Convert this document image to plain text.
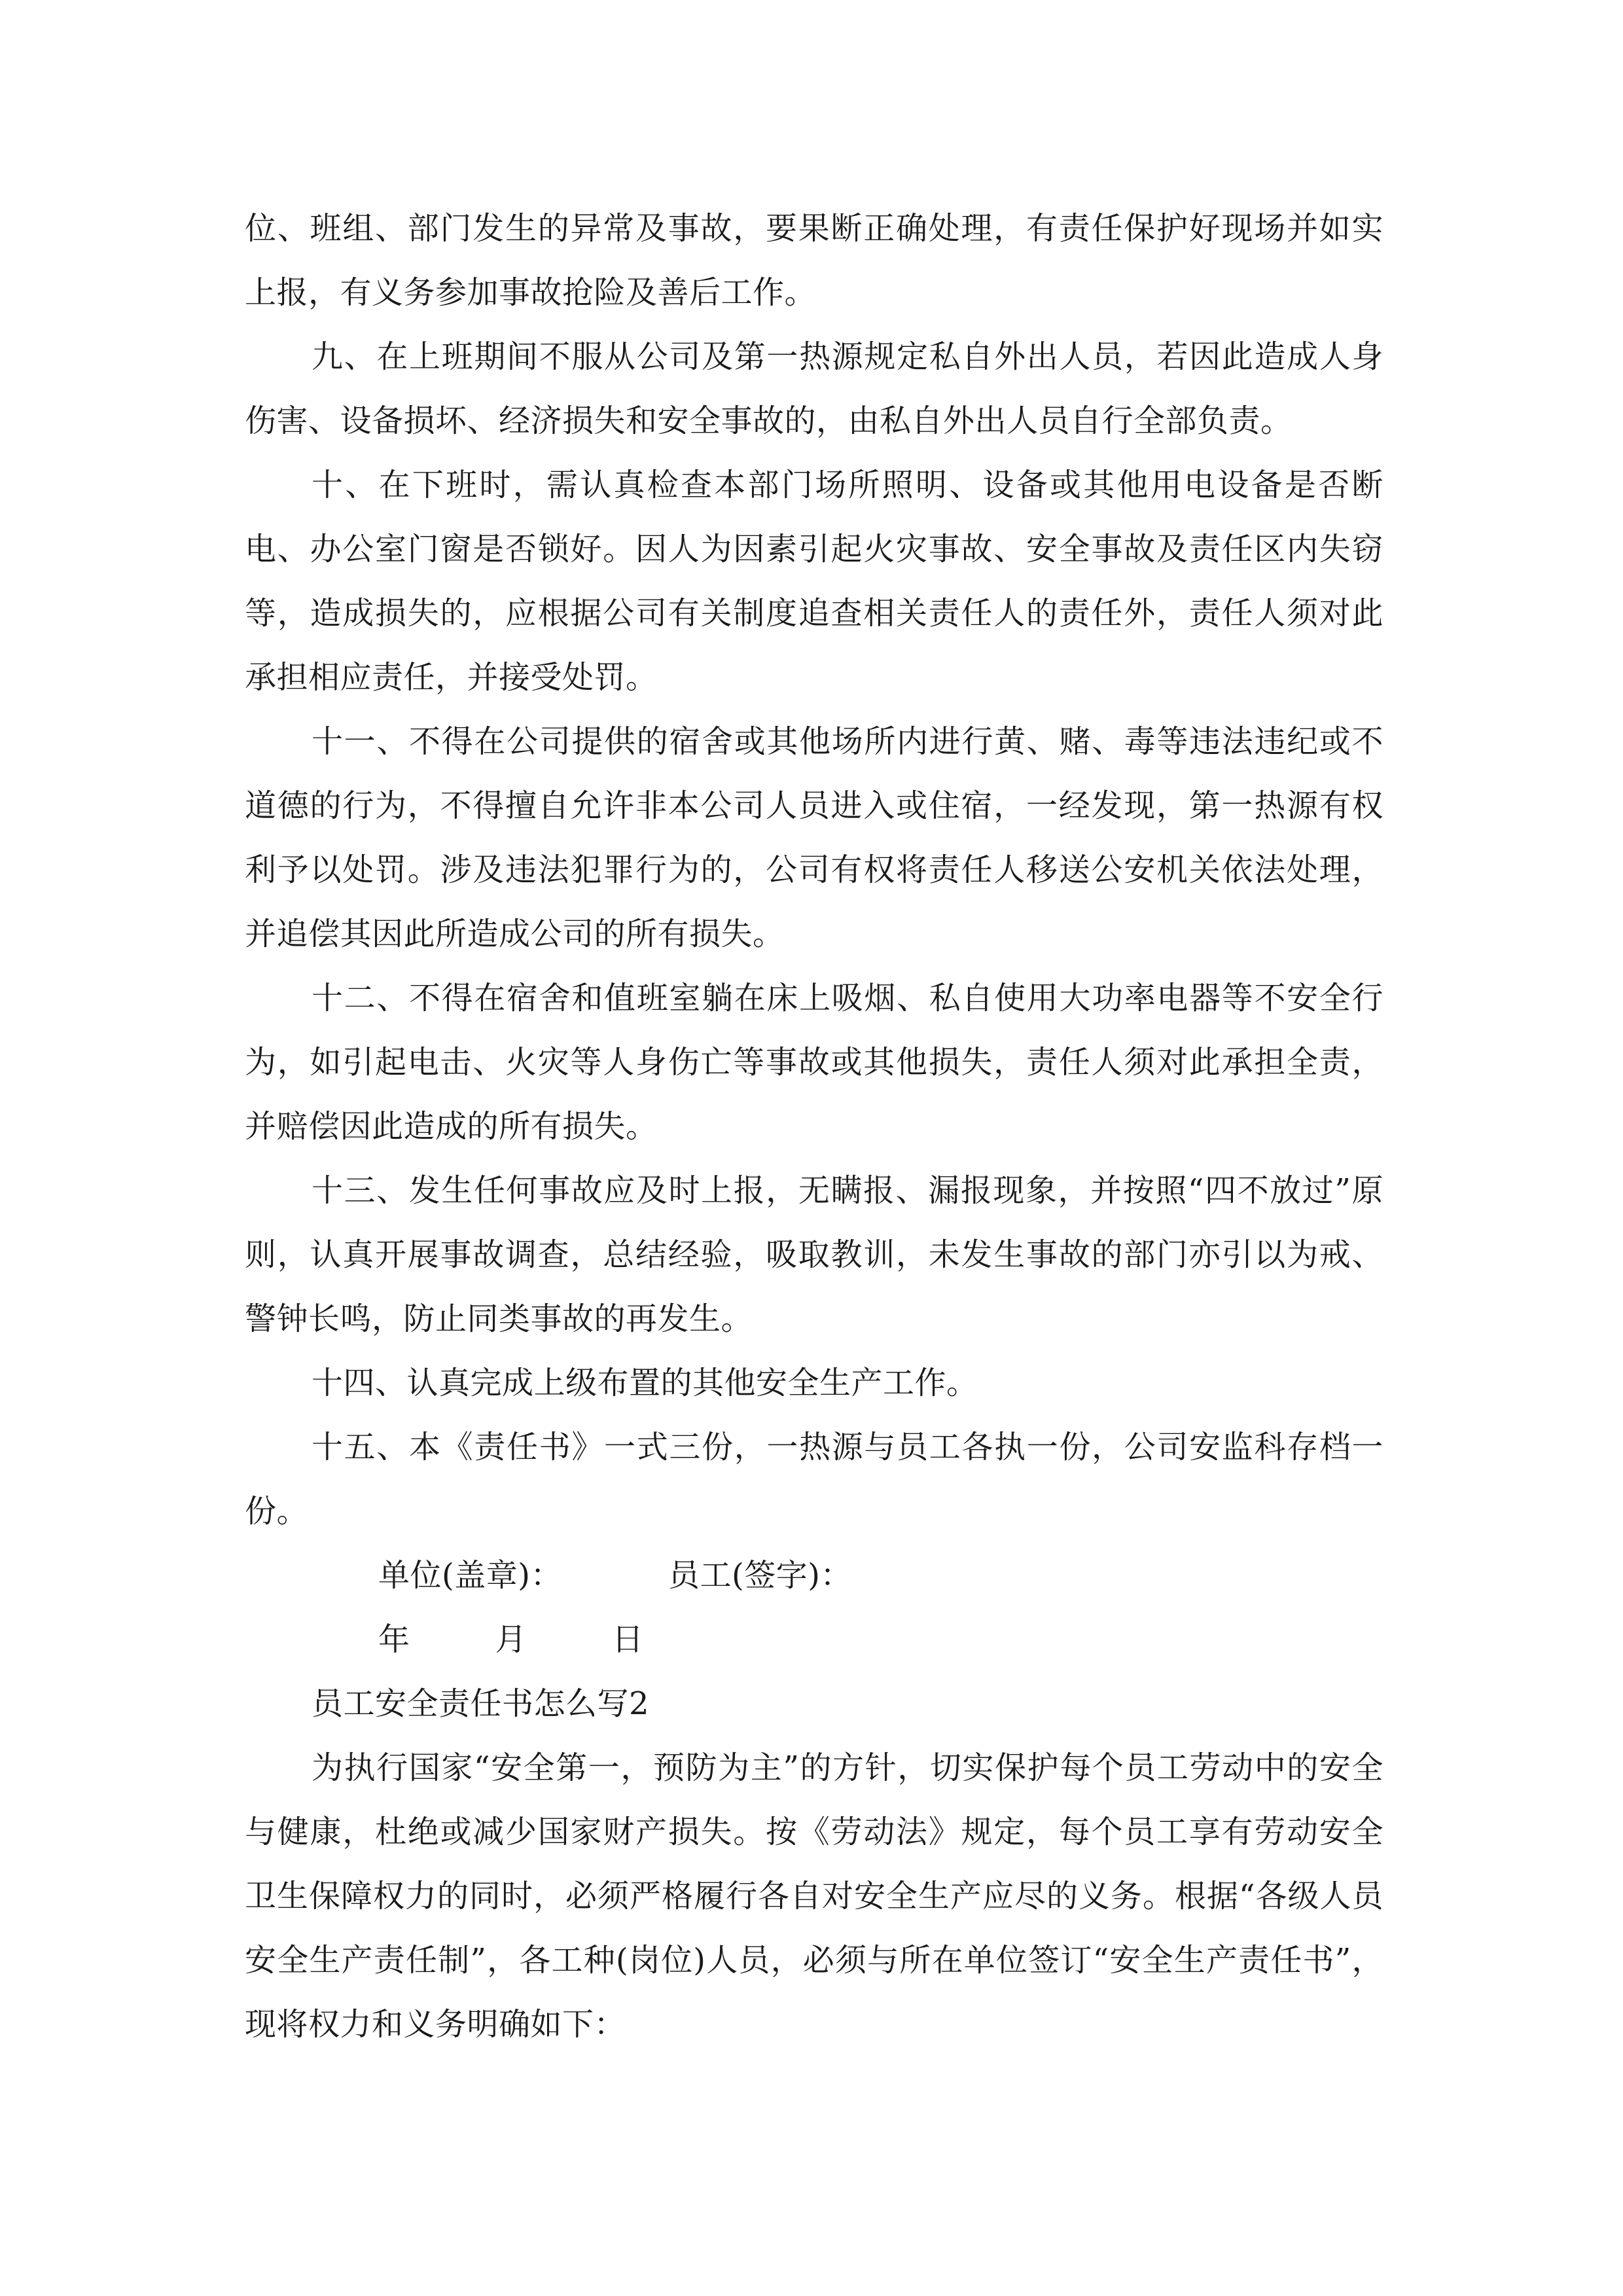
位、班组、部门发生的异常及事故，要果断正确处理，有责任保护好现场并如实上报，有义务参加事故抢险及善后工作。

九、在上班期间不服从公司及第一热源规定私自外出人员，若因此造成人身伤害、设备损坏、经济损失和安全事故的，由私自外出人员自行全部负责。

十、在下班时，需认真检查本部门场所照明、设备或其他用电设备是否断电、办公室门窗是否锁好。因人为因素引起火灾事故、安全事故及责任区内失窃等，造成损失的，应根据公司有关制度追查相关责任人的责任外，责任人须对此承担相应责任，并接受处罚。

十一、不得在公司提供的宿舍或其他场所内进行黄、赌、毒等违法违纪或不道德的行为，不得擅自允许非本公司人员进入或住宿，一经发现，第一热源有权利予以处罚。涉及违法犯罪行为的，公司有权将责任人移送公安机关依法处理，并追偿其因此所造成公司的所有损失。

十二、不得在宿舍和值班室躺在床上吸烟、私自使用大功率电器等不安全行为，如引起电击、火灾等人身伤亡等事故或其他损失，责任人须对此承担全责，并赔偿因此造成的所有损失。

十三、发生任何事故应及时上报，无瞒报、漏报现象，并按照“四不放过”原则，认真开展事故调查，总结经验，吸取教训，未发生事故的部门亦引以为戒、警钟长鸣，防止同类事故的再发生。

十四、认真完成上级布置的其他安全生产工作。

十五、本《责任书》一式三份，一热源与员工各执一份，公司安监科存档一份。

单位(盖章)：	员工(签字)：

年	月	日

员工安全责任书怎么写2

为执行国家“安全第一，预防为主”的方针，切实保护每个员工劳动中的安全与健康，杜绝或减少国家财产损失。按《劳动法》规定，每个员工享有劳动安全卫生保障权力的同时，必须严格履行各自对安全生产应尽的义务。根据“各级人员安全生产责任制”，各工种(岗位)人员，必须与所在单位签订“安全生产责任书”，现将权力和义务明确如下：
